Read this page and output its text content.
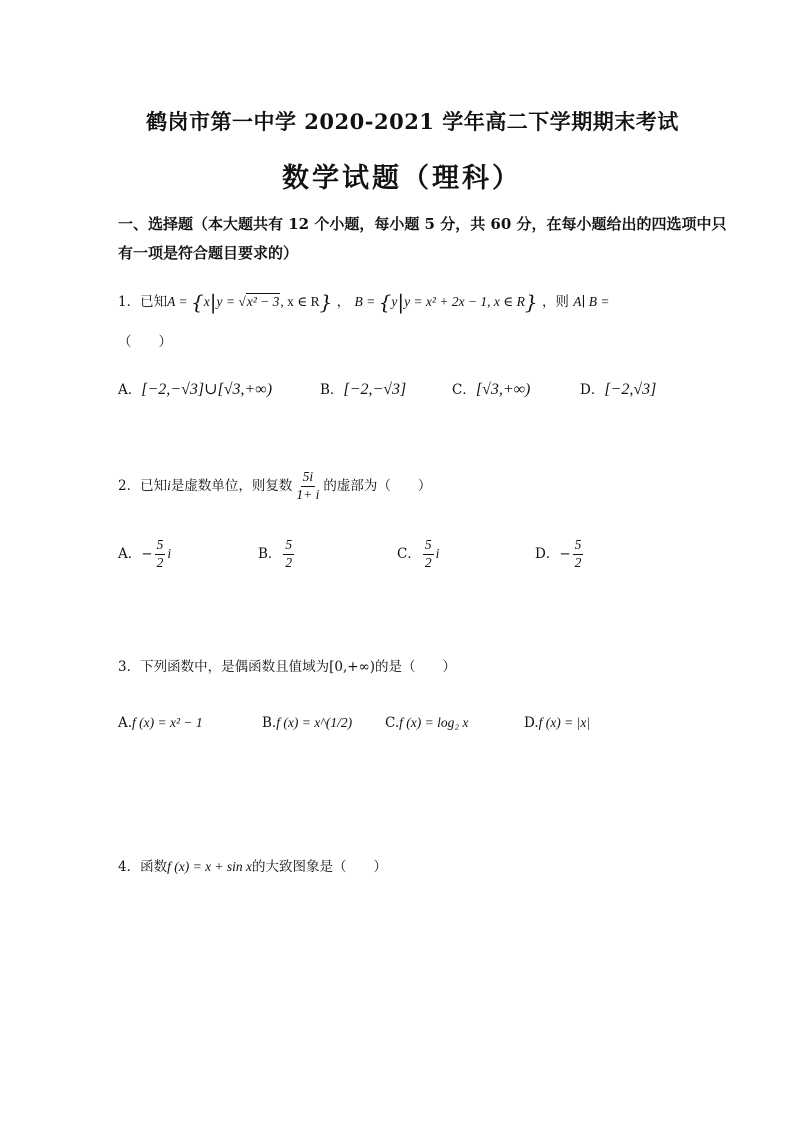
鹤岗市第一中学 2020-2021 学年高二下学期期末考试
数学试题（理科）
一、选择题（本大题共有 12 个小题，每小题 5 分，共 60 分，在每小题给出的四选项中只
有一项是符合题目要求的）
1．已知A = {x|y = √x² − 3, x ∈ R} ， B = {y|y = x² + 2x − 1, x ∈ R} ，则 A∣ B =
（　　）
A．[−2,−√3]∪[√3,+∞)	B．[−2,−√3]	C．[√3,+∞)	D．[−2,√3]
2．已知i是虚数单位，则复数 $\frac{5i}{1+ i}$ 的虚部为（　　）
A．− $\frac{5}{2}$ i	B． $\frac{5}{2}$	C． $\frac{5}{2}$ i	D．− $\frac{5}{2}$
3．下列函数中，是偶函数且值域为[0,+∞)的是（　　）
A.f (x) = x² − 1	B.f (x) = x^(1/2) C.f (x) = log₂ x	D.f (x) = |x|
4．函数f (x) = x + sin x的大致图象是（　　）
